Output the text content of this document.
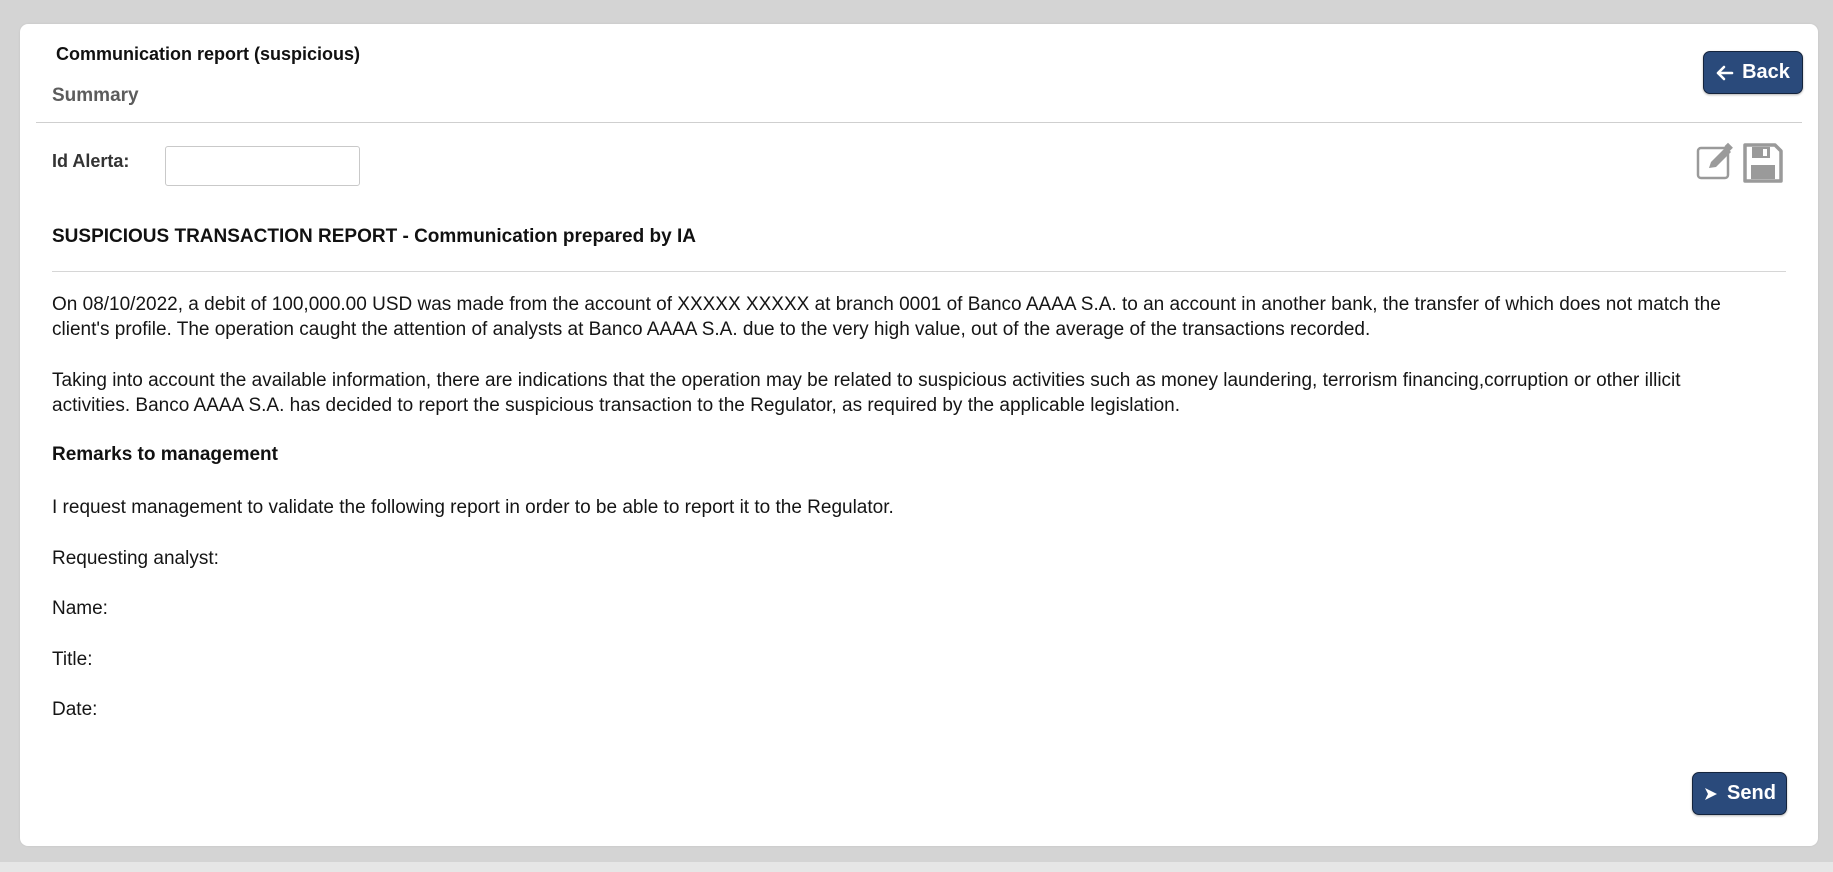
Communication report (suspicious)
Summary
Back
Id Alerta:
SUSPICIOUS TRANSACTION REPORT - Communication prepared by IA
On 08/10/2022, a debit of 100,000.00 USD was made from the account of XXXXX XXXXX at branch 0001 of Banco AAAA S.A. to an account in another bank, the transfer of which does not match the client's profile. The operation caught the attention of analysts at Banco AAAA S.A. due to the very high value, out of the average of the transactions recorded.
Taking into account the available information, there are indications that the operation may be related to suspicious activities such as money laundering, terrorism financing,corruption or other illicit activities. Banco AAAA S.A. has decided to report the suspicious transaction to the Regulator, as required by the applicable legislation.
Remarks to management
I request management to validate the following report in order to be able to report it to the Regulator.
Requesting analyst:
Name:
Title:
Date:
Send
